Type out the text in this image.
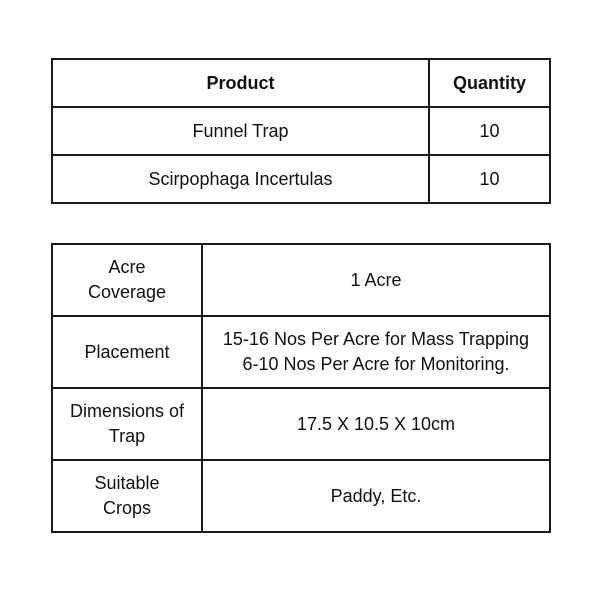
Product	Quantity
Funnel Trap	10
Scirpophaga Incertulas	10
Acre
Coverage	1 Acre

Placement	15-16 Nos Per Acre for Mass Trapping
6-10 Nos Per Acre for Monitoring.

Dimensions of
Trap	17.5 X 10.5 X 10cm

Suitable
Crops	Paddy, Etc.
